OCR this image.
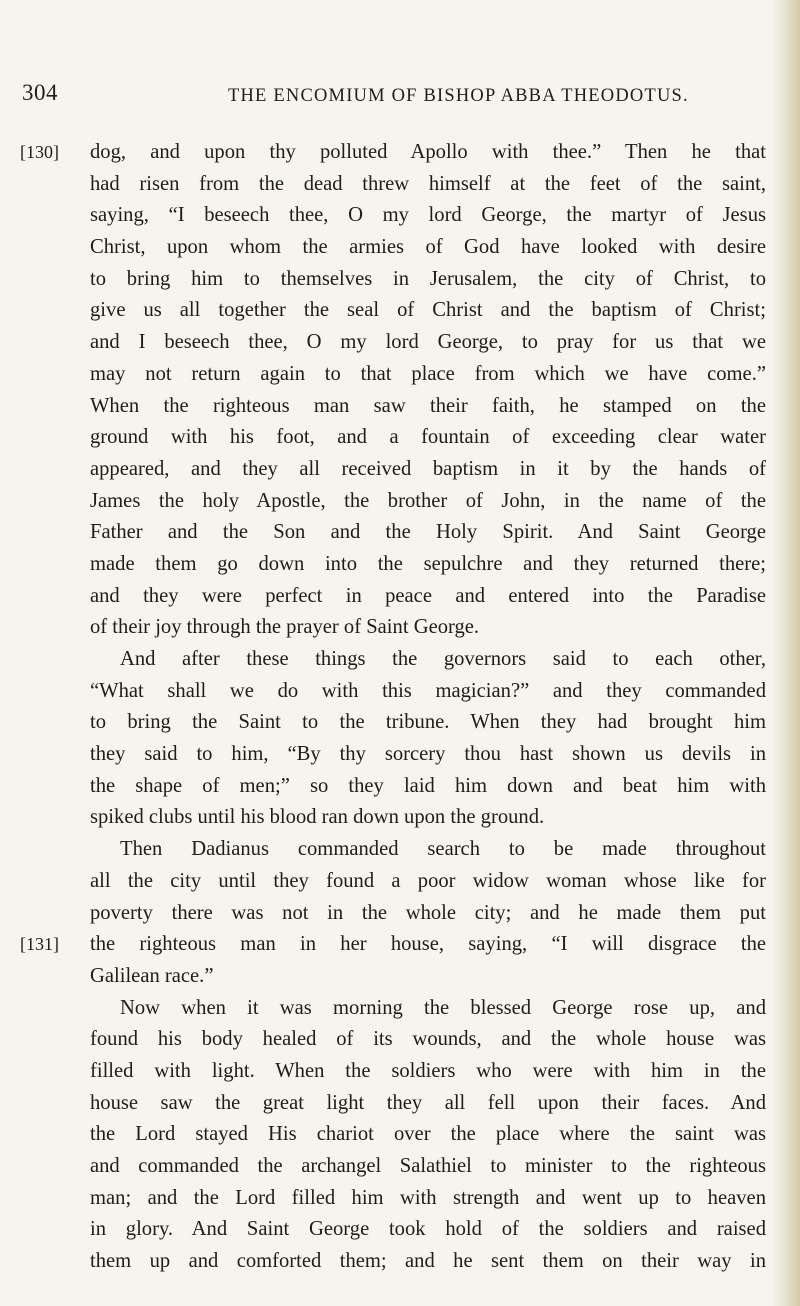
304	THE ENCOMIUM OF BISHOP ABBA THEODOTUS.
[130] dog, and upon thy polluted Apollo with thee.” Then he that
had risen from the dead threw himself at the feet of the saint,
saying, “I beseech thee, O my lord George, the martyr of Jesus
Christ, upon whom the armies of God have looked with desire
to bring him to themselves in Jerusalem, the city of Christ, to
give us all together the seal of Christ and the baptism of Christ;
and I beseech thee, O my lord George, to pray for us that we
may not return again to that place from which we have come.”
When the righteous man saw their faith, he stamped on the
ground with his foot, and a fountain of exceeding clear water
appeared, and they all received baptism in it by the hands of
James the holy Apostle, the brother of John, in the name of the
Father and the Son and the Holy Spirit. And Saint George
made them go down into the sepulchre and they returned there;
and they were perfect in peace and entered into the Paradise
of their joy through the prayer of Saint George.
And after these things the governors said to each other,
“What shall we do with this magician?” and they commanded
to bring the Saint to the tribune. When they had brought him
they said to him, “By thy sorcery thou hast shown us devils in
the shape of men;” so they laid him down and beat him with
spiked clubs until his blood ran down upon the ground.
Then Dadianus commanded search to be made throughout
all the city until they found a poor widow woman whose like for
poverty there was not in the whole city; and he made them put
[131] the righteous man in her house, saying, “I will disgrace the
Galilean race.”
Now when it was morning the blessed George rose up, and
found his body healed of its wounds, and the whole house was
filled with light. When the soldiers who were with him in the
house saw the great light they all fell upon their faces. And
the Lord stayed His chariot over the place where the saint was
and commanded the archangel Salathiel to minister to the righteous
man; and the Lord filled him with strength and went up to heaven
in glory. And Saint George took hold of the soldiers and raised
them up and comforted them; and he sent them on their way in
